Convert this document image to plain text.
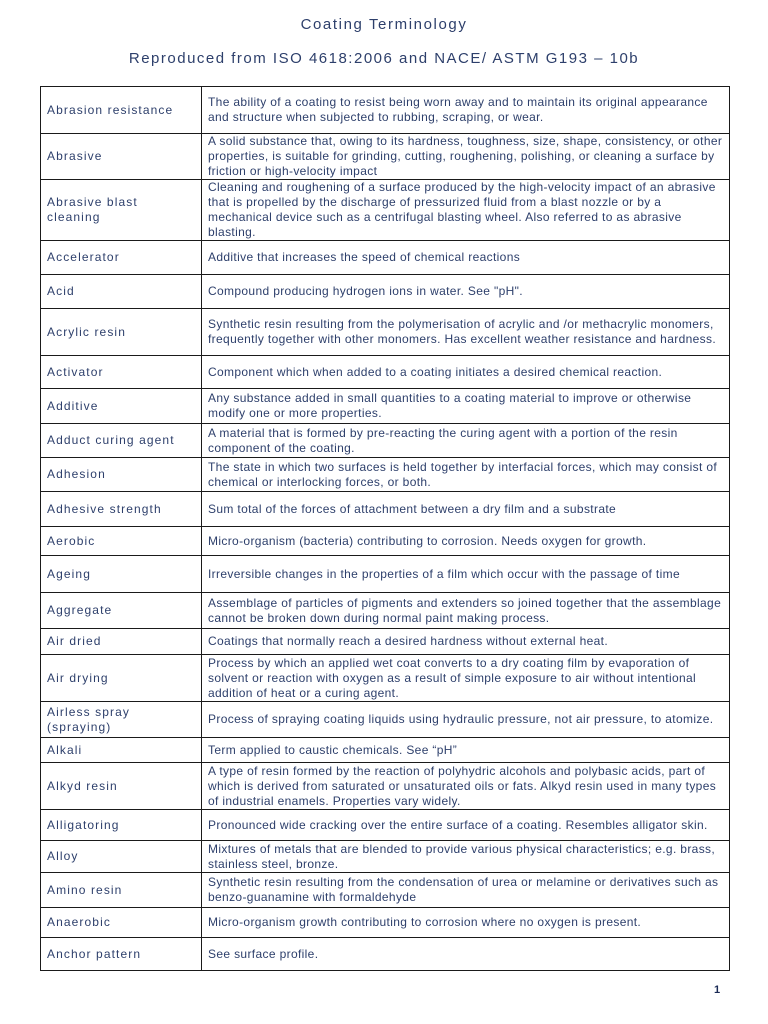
Coating Terminology
Reproduced from ISO 4618:2006 and NACE/ ASTM G193 – 10b
Abrasion resistance	The ability of a coating to resist being worn away and to maintain its original appearance and structure when subjected to rubbing, scraping, or wear.
Abrasive	A solid substance that, owing to its hardness, toughness, size, shape, consistency, or other properties, is suitable for grinding, cutting, roughening, polishing, or cleaning a surface by friction or high-velocity impact
Abrasive blast cleaning	Cleaning and roughening of a surface produced by the high-velocity impact of an abrasive that is propelled by the discharge of pressurized fluid from a blast nozzle or by a mechanical device such as a centrifugal blasting wheel. Also referred to as abrasive blasting.
Accelerator	Additive that increases the speed of chemical reactions
Acid	Compound producing hydrogen ions in water. See "pH".
Acrylic resin	Synthetic resin resulting from the polymerisation of acrylic and /or methacrylic monomers, frequently together with other monomers. Has excellent weather resistance and hardness.
Activator	Component which when added to a coating initiates a desired chemical reaction.
Additive	Any substance added in small quantities to a coating material to improve or otherwise modify one or more properties.
Adduct curing agent	A material that is formed by pre-reacting the curing agent with a portion of the resin component of the coating.
Adhesion	The state in which two surfaces is held together by interfacial forces, which may consist of chemical or interlocking forces, or both.
Adhesive strength	Sum total of the forces of attachment between a dry film and a substrate
Aerobic	Micro-organism (bacteria) contributing to corrosion. Needs oxygen for growth.
Ageing	Irreversible changes in the properties of a film which occur with the passage of time
Aggregate	Assemblage of particles of pigments and extenders so joined together that the assemblage cannot be broken down during normal paint making process.
Air dried	Coatings that normally reach a desired hardness without external heat.
Air drying	Process by which an applied wet coat converts to a dry coating film by evaporation of solvent or reaction with oxygen as a result of simple exposure to air without intentional addition of heat or a curing agent.
Airless spray (spraying)	Process of spraying coating liquids using hydraulic pressure, not air pressure, to atomize.
Alkali	Term applied to caustic chemicals. See “pH”
Alkyd resin	A type of resin formed by the reaction of polyhydric alcohols and polybasic acids, part of which is derived from saturated or unsaturated oils or fats. Alkyd resin used in many types of industrial enamels. Properties vary widely.
Alligatoring	Pronounced wide cracking over the entire surface of a coating. Resembles alligator skin.
Alloy	Mixtures of metals that are blended to provide various physical characteristics; e.g. brass, stainless steel, bronze.
Amino resin	Synthetic resin resulting from the condensation of urea or melamine or derivatives such as benzo-guanamine with formaldehyde
Anaerobic	Micro-organism growth contributing to corrosion where no oxygen is present.
Anchor pattern	See surface profile.
1
